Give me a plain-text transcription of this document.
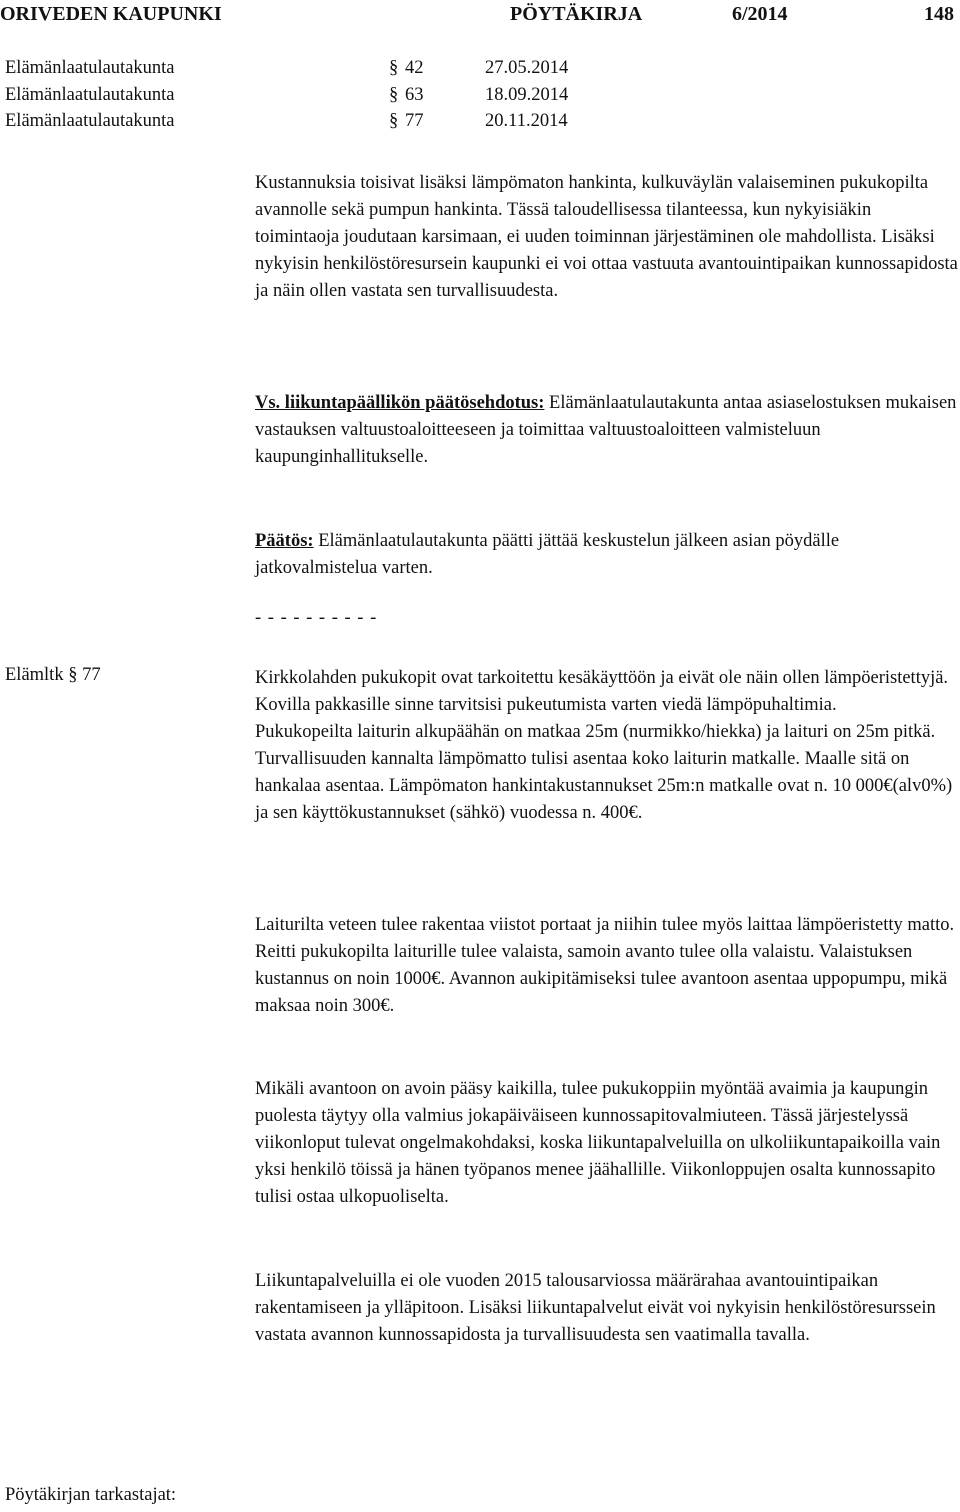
ORIVEDEN KAUPUNKI	PÖYTÄKIRJA	6/2014	148
Elämänlaatulautakunta	§ 42	27.05.2014
Elämänlaatulautakunta	§ 63	18.09.2014
Elämänlaatulautakunta	§ 77	20.11.2014

Kustannuksia toisivat lisäksi lämpömaton hankinta, kulkuväylän valaiseminen pukukopilta avannolle sekä pumpun hankinta. Tässä taloudellisessa tilanteessa, kun nykyisiäkin toimintaoja joudutaan karsimaan, ei uuden toiminnan järjestäminen ole mahdollista. Lisäksi nykyisin henkilöstöresursein kaupunki ei voi ottaa vastuuta avantouintipaikan kunnossapidosta ja näin ollen vastata sen turvallisuudesta.

Vs. liikuntapäällikön päätösehdotus: Elämänlaatulautakunta antaa asiaselostuksen mukaisen vastauksen valtuustoaloitteeseen ja toimittaa valtuustoaloitteen valmisteluun kaupunginhallitukselle.

Päätös: Elämänlaatulautakunta päätti jättää keskustelun jälkeen asian pöydälle jatkovalmistelua varten.

- - - - - - - - - -
Elämltk § 77	Kirkkolahden pukukopit ovat tarkoitettu kesäkäyttöön ja eivät ole näin ollen lämpöeristettyjä. Kovilla pakkasille sinne tarvitsisi pukeutumista varten viedä lämpöpuhaltimia.

Pukukopeilta laiturin alkupäähän on matkaa 25m (nurmikko/hiekka) ja laituri on 25m pitkä. Turvallisuuden kannalta lämpömatto tulisi asentaa koko laiturin matkalle. Maalle sitä on hankalaa asentaa. Lämpömaton hankintakustannukset 25m:n matkalle ovat n. 10 000€(alv0%) ja sen käyttökustannukset (sähkö) vuodessa n. 400€.

Laiturilta veteen tulee rakentaa viistot portaat ja niihin tulee myös laittaa lämpöeristetty matto. Reitti pukukopilta laiturille tulee valaista, samoin avanto tulee olla valaistu. Valaistuksen kustannus on noin 1000€. Avannon aukipitämiseksi tulee avantoon asentaa uppopumpu, mikä maksaa noin 300€.

Mikäli avantoon on avoin pääsy kaikilla, tulee pukukoppiin myöntää avaimia ja kaupungin puolesta täytyy olla valmius jokapäiväiseen kunnossapitovalmiuteen. Tässä järjestelyssä viikonloput tulevat ongelmakohdaksi, koska liikuntapalveluilla on ulkoliikuntapaikoilla vain yksi henkilö töissä ja hänen työpanos menee jäähallille. Viikonloppujen osalta kunnossapito tulisi ostaa ulkopuoliselta.

Liikuntapalveluilla ei ole vuoden 2015 talousarviossa määrärahaa avantouintipaikan rakentamiseen ja ylläpitoon. Lisäksi liikuntapalvelut eivät voi nykyisin henkilöstöresurssein vastata avannon kunnossapidosta ja turvallisuudesta sen vaatimalla tavalla.

Pöytäkirjan tarkastajat:
